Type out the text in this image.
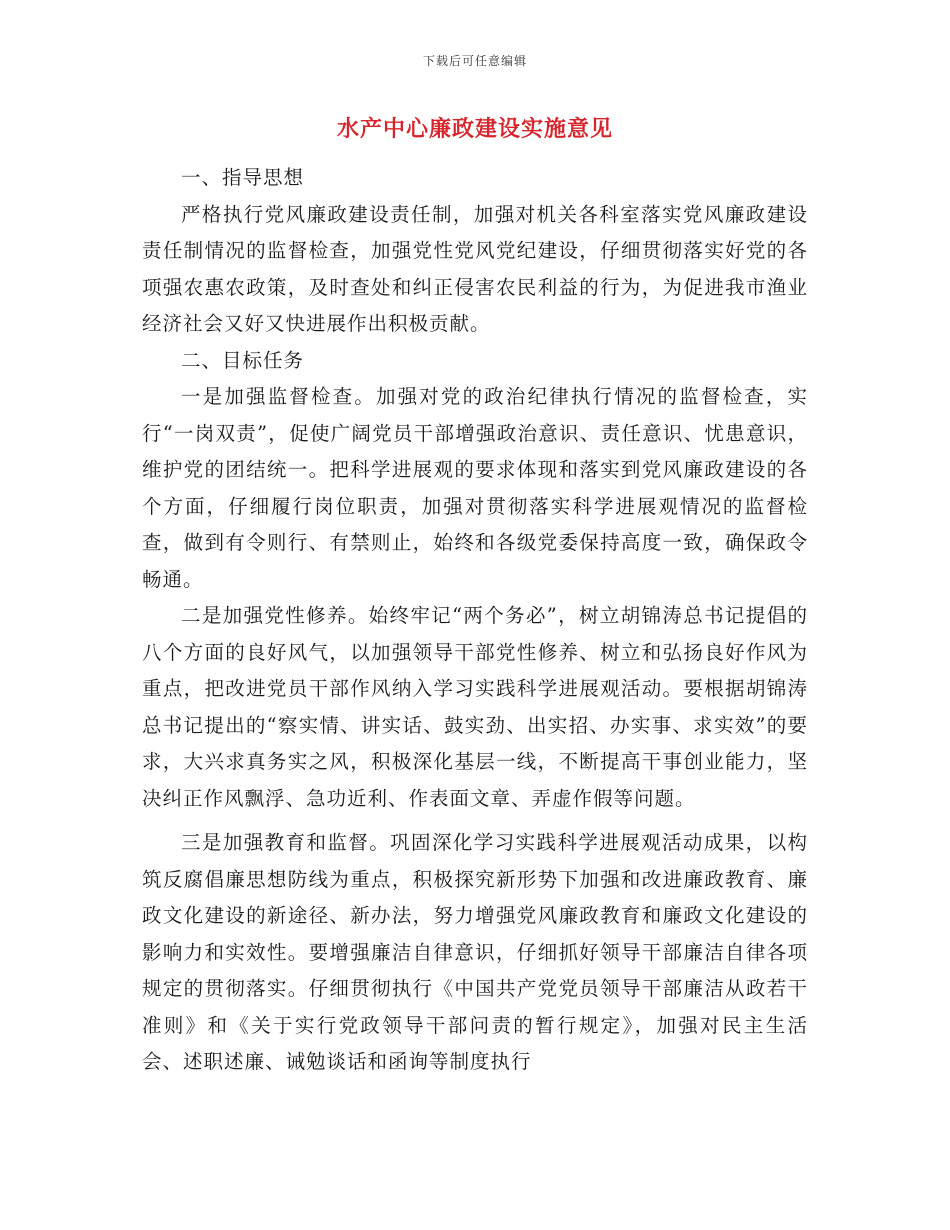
下载后可任意编辑
水产中心廉政建设实施意见

一、指导思想

严格执行党风廉政建设责任制，加强对机关各科室落实党风廉政建设责任制情况的监督检查，加强党性党风党纪建设，仔细贯彻落实好党的各项强农惠农政策，及时查处和纠正侵害农民利益的行为，为促进我市渔业经济社会又好又快进展作出积极贡献。

二、目标任务

一是加强监督检查。加强对党的政治纪律执行情况的监督检查，实行“一岗双责”，促使广阔党员干部增强政治意识、责任意识、忧患意识，维护党的团结统一。把科学进展观的要求体现和落实到党风廉政建设的各个方面，仔细履行岗位职责，加强对贯彻落实科学进展观情况的监督检查，做到有令则行、有禁则止，始终和各级党委保持高度一致，确保政令畅通。

二是加强党性修养。始终牢记“两个务必”，树立胡锦涛总书记提倡的八个方面的良好风气，以加强领导干部党性修养、树立和弘扬良好作风为重点，把改进党员干部作风纳入学习实践科学进展观活动。要根据胡锦涛总书记提出的“察实情、讲实话、鼓实劲、出实招、办实事、求实效”的要求，大兴求真务实之风，积极深化基层一线，不断提高干事创业能力，坚决纠正作风飘浮、急功近利、作表面文章、弄虚作假等问题。

三是加强教育和监督。巩固深化学习实践科学进展观活动成果，以构筑反腐倡廉思想防线为重点，积极探究新形势下加强和改进廉政教育、廉政文化建设的新途径、新办法，努力增强党风廉政教育和廉政文化建设的影响力和实效性。要增强廉洁自律意识，仔细抓好领导干部廉洁自律各项规定的贯彻落实。仔细贯彻执行《中国共产党党员领导干部廉洁从政若干准则》和《关于实行党政领导干部问责的暂行规定》，加强对民主生活会、述职述廉、诫勉谈话和函询等制度执行
